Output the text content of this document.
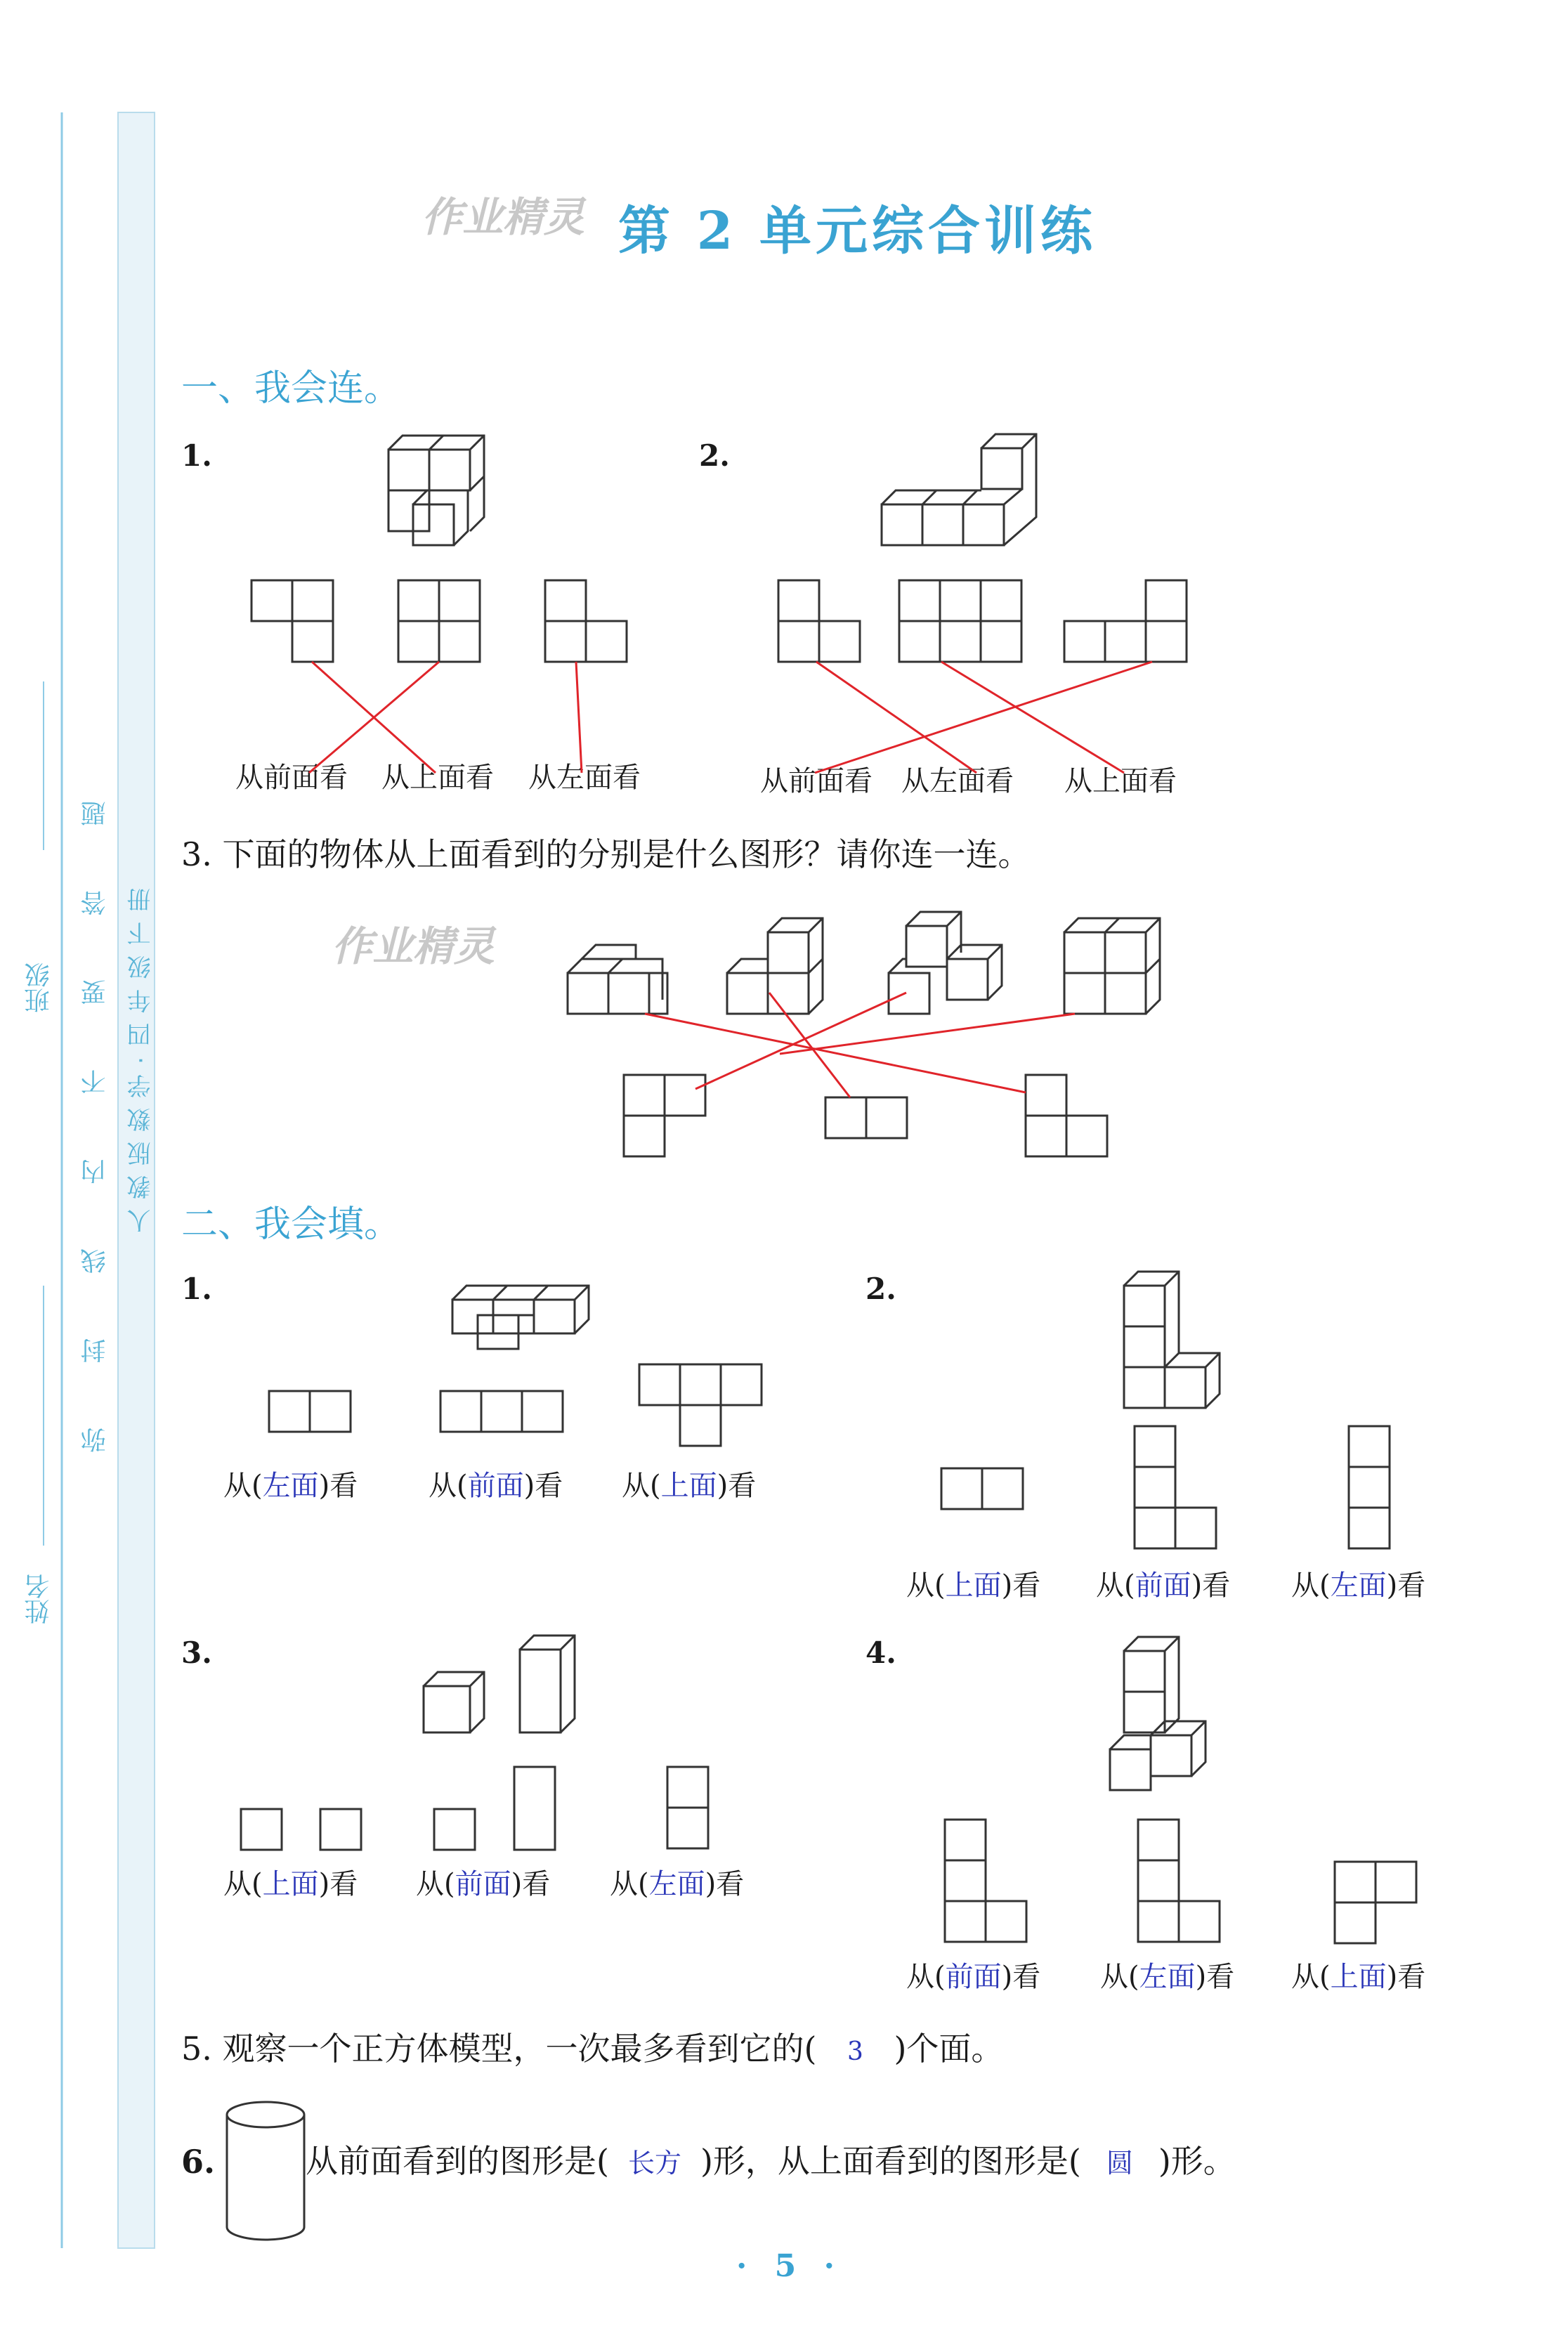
姓名
班级 弥 封 线 内 不 要 答 题 人教版数学·四年级下册
作业精灵 第 2 单元综合训练
一、我会连。
1.	2.
从前面看 从上面看 从左面看	从前面看 从左面看 从上面看
3. 下面的物体从上面看到的分别是什么图形？请你连一连。
作业精灵
二、我会填。
1.	2.
3.	4.
从(左面)看	从(前面)看 从(上面)看
从(上面)看 从(前面)看 从(左面)看
从(上面)看 从(前面)看 从(左面)看
从(前面)看 从(左面)看 从(上面)看
5. 观察一个正方体模型，一次最多看到它的( 3 )个面。
6.	从前面看到的图形是( 长方 )形，从上面看到的图形是( 圆 )形。
· 5 ·
